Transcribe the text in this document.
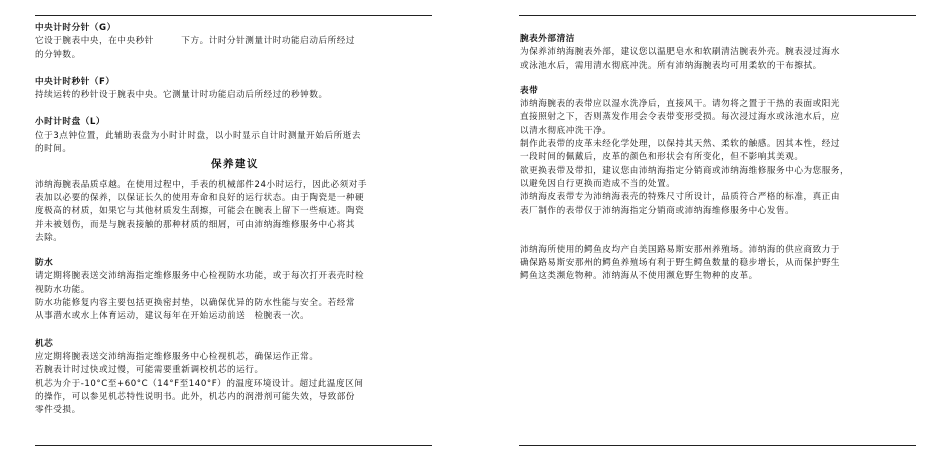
中央计时分针（G）

它设于腕表中央，在中央秒针　　　下方。计时分针测量计时功能启动后所经过
的分钟数。

中央计时秒针（F）

持续运转的秒针设于腕表中央。它测量计时功能启动后所经过的秒钟数。

小时计时盘（L）

位于3点钟位置，此辅助表盘为小时计时盘，以小时显示自计时测量开始后所逝去
的时间。

保养建议

沛纳海腕表品质卓越。在使用过程中，手表的机械部件24小时运行，因此必须对手
表加以必要的保养，以保证长久的使用寿命和良好的运行状态。由于陶瓷是一种硬
度极高的材质，如果它与其他材质发生刮擦，可能会在腕表上留下一些痕迹。陶瓷
并未被划伤，而是与腕表接触的那种材质的细屑，可由沛纳海维修服务中心将其
去除。

防水

请定期将腕表送交沛纳海指定维修服务中心检视防水功能，或于每次打开表壳时检
视防水功能。
防水功能修复内容主要包括更换密封垫，以确保优异的防水性能与安全。若经常
从事潜水或水上体育运动，建议每年在开始运动前送　检腕表一次。

机芯

应定期将腕表送交沛纳海指定维修服务中心检视机芯，确保运作正常。
若腕表计时过快或过慢，可能需要重新调校机芯的运行。
机芯为介于-10°C至+60°C（14°F至140°F）的温度环境设计。超过此温度区间
的操作，可以参见机芯特性说明书。此外，机芯内的润滑剂可能失效，导致部份
零件受损。

腕表外部清洁

为保养沛纳海腕表外部，建议您以温肥皂水和软刷清洁腕表外壳。腕表浸过海水
或泳池水后，需用清水彻底冲洗。所有沛纳海腕表均可用柔软的干布擦拭。

表带

沛纳海腕表的表带应以湿水洗净后，直接风干。请勿将之置于干热的表面或阳光
直接照射之下，否则蒸发作用会令表带变形受损。每次浸过海水或泳池水后，应
以清水彻底冲洗干净。
制作此表带的皮革未经化学处理，以保持其天然、柔软的触感。因其本性，经过
一段时间的佩戴后，皮革的颜色和形状会有所变化，但不影响其美观。
欲更换表带及带扣，建议您由沛纳海指定分销商或沛纳海维修服务中心为您服务，
以避免因自行更换而造成不当的处置。
沛纳海皮表带专为沛纳海表壳的特殊尺寸所设计，品质符合严格的标准，真正由
表厂制作的表带仅于沛纳海指定分销商或沛纳海维修服务中心发售。

沛纳海所使用的鳄鱼皮均产自美国路易斯安那州养殖场。沛纳海的供应商致力于
确保路易斯安那州的鳄鱼养殖场有利于野生鳄鱼数量的稳步增长，从而保护野生
鳄鱼这类濒危物种。沛纳海从不使用濒危野生物种的皮革。
